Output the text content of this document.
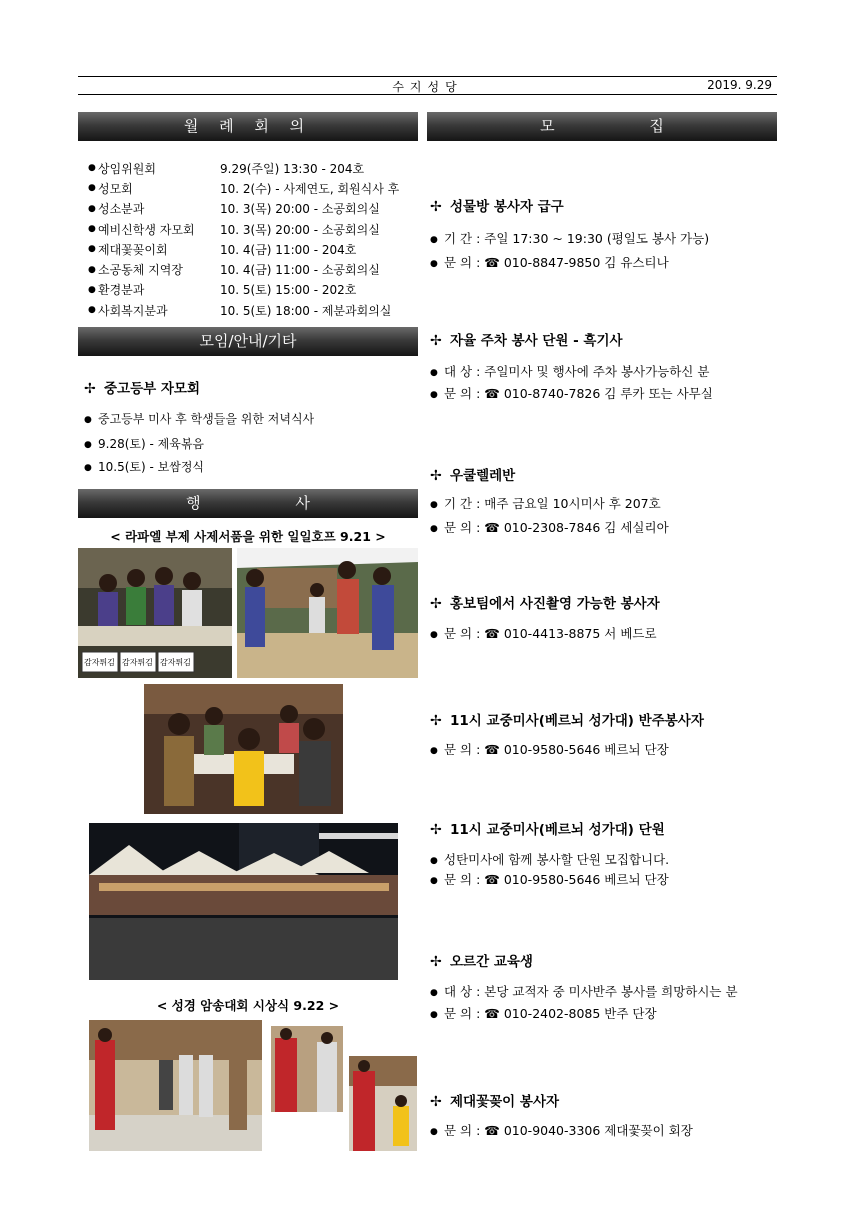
수지성당	2019. 9.29
월 례 회 의	모 집
모임/안내/기타
행 사
● 상임위원회	9.29(주일) 13:30 - 204호
● 성모회	10. 2(수) - 사제연도, 회원식사 후
● 성소분과	10. 3(목) 20:00 - 소공회의실
● 예비신학생 자모회	10. 3(목) 20:00 - 소공회의실
● 제대꽃꽂이회	10. 4(금) 11:00 - 204호
● 소공동체 지역장	10. 4(금) 11:00 - 소공회의실
● 환경분과	10. 5(토) 15:00 - 202호
● 사회복지분과	10. 5(토) 18:00 - 제분과회의실
✢ 중고등부 자모회
● 중고등부 미사 후 학생들을 위한 저녁식사
● 9.28(토) - 제육볶음
● 10.5(토) - 보쌈정식
< 라파엘 부제 사제서품을 위한 일일호프 9.21 >
감자튀김 감자튀김 감자튀김
< 성경 암송대회 시상식 9.22 >
✢ 성물방 봉사자 급구
● 기 간 : 주일 17:30 ~ 19:30 (평일도 봉사 가능)
● 문 의 : ☎ 010-8847-9850 김 유스티나
✢ 자율 주차 봉사 단원 - 흑기사
● 대 상 : 주일미사 및 행사에 주차 봉사가능하신 분
● 문 의 : ☎ 010-8740-7826 김 루카 또는 사무실
✢ 우쿨렐레반
● 기 간 : 매주 금요일 10시미사 후 207호
● 문 의 : ☎ 010-2308-7846 김 세실리아
✢ 홍보팀에서 사진촬영 가능한 봉사자
● 문 의 : ☎ 010-4413-8875 서 베드로
✢ 11시 교중미사(베르뇌 성가대) 반주봉사자
● 문 의 : ☎ 010-9580-5646 베르뇌 단장
✢ 11시 교중미사(베르뇌 성가대) 단원
● 성탄미사에 함께 봉사할 단원 모집합니다.
● 문 의 : ☎ 010-9580-5646 베르뇌 단장
✢ 오르간 교육생
● 대 상 : 본당 교적자 중 미사반주 봉사를 희망하시는 분
● 문 의 : ☎ 010-2402-8085 반주 단장
✢ 제대꽃꽂이 봉사자
● 문 의 : ☎ 010-9040-3306 제대꽃꽂이 회장
